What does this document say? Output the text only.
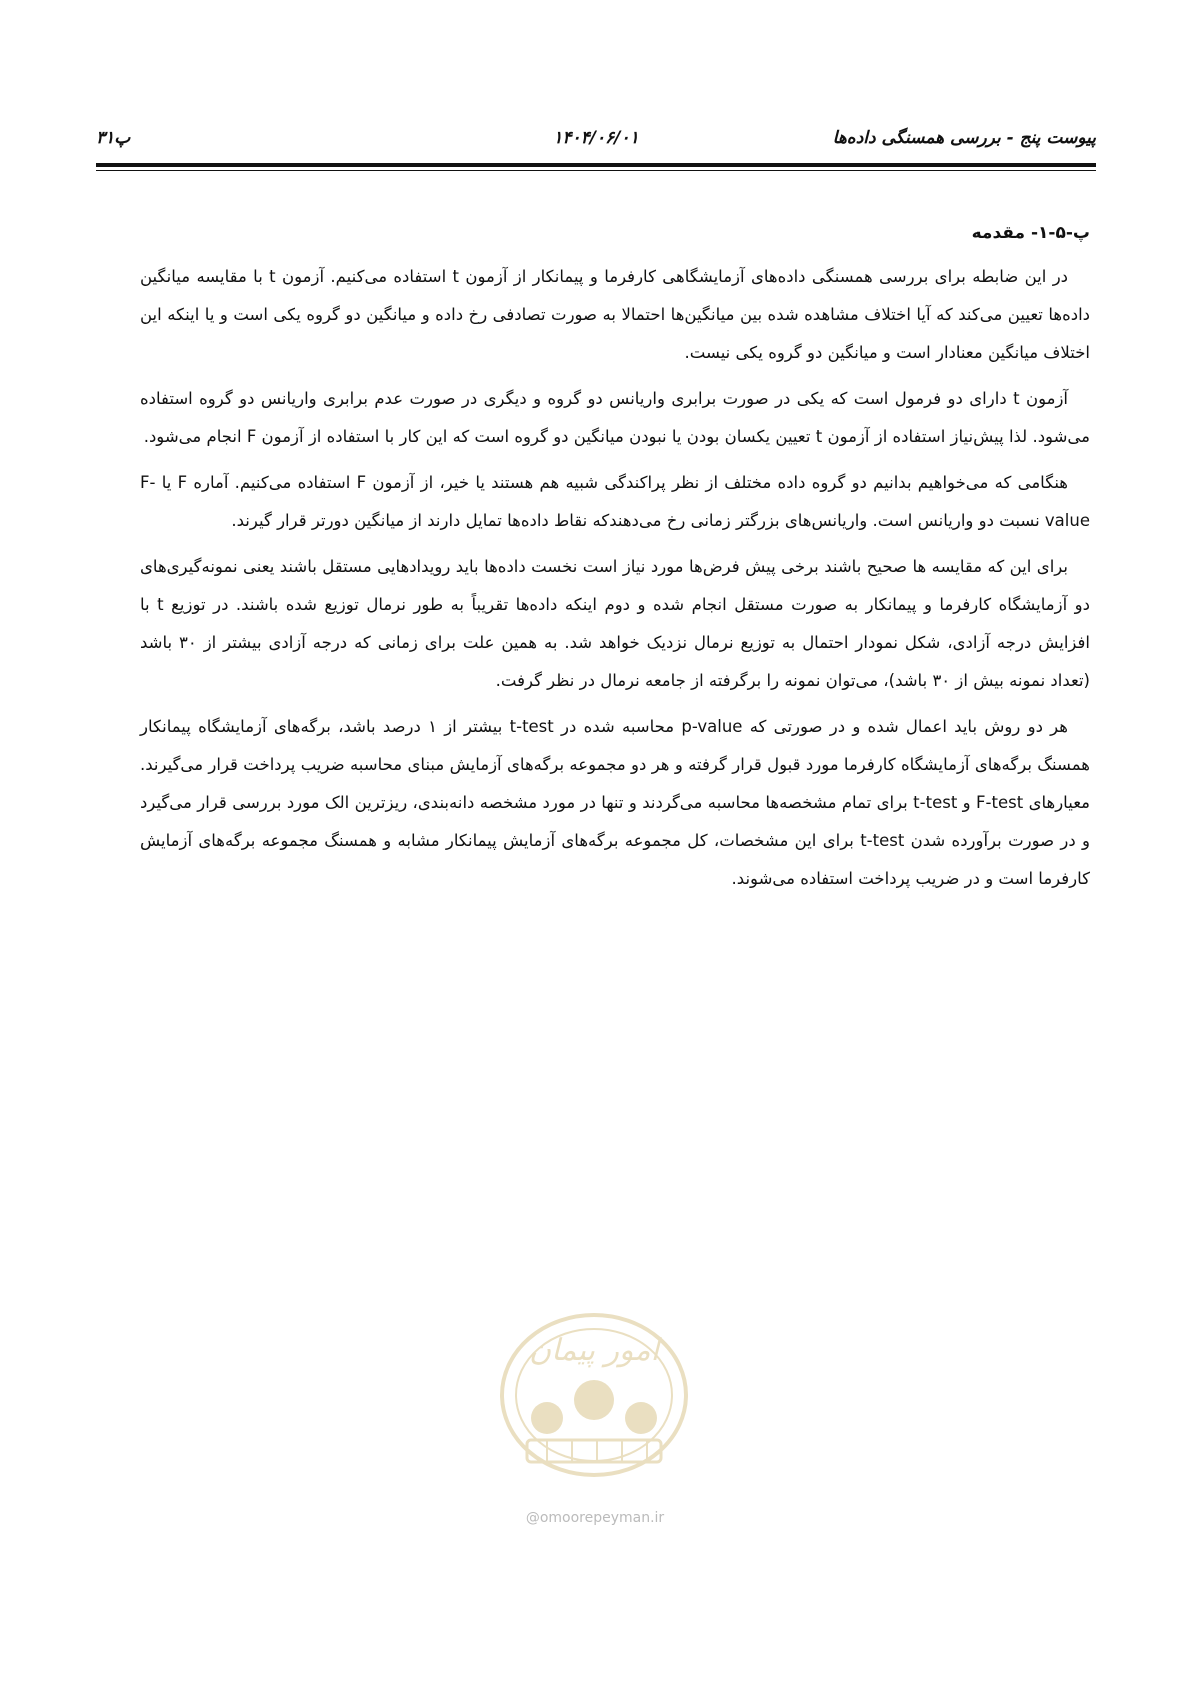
پیوست پنج - بررسی همسنگی داده‌ها
۱۴۰۴/۰۶/۰۱
پ۳۱
پ-۵-۱- مقدمه

در این ضابطه برای بررسی همسنگی داده‌های آزمایشگاهی کارفرما و پیمانکار از آزمون t استفاده می‌کنیم. آزمون t با مقایسه میانگین داده‌ها تعیین می‌کند که آیا اختلاف مشاهده شده بین میانگین‌ها احتمالا به صورت تصادفی رخ داده و میانگین دو گروه یکی است و یا اینکه این اختلاف میانگین معنادار است و میانگین دو گروه یکی نیست.

آزمون t دارای دو فرمول است که یکی در صورت برابری واریانس دو گروه و دیگری در صورت عدم برابری واریانس دو گروه استفاده می‌شود. لذا پیش‌نیاز استفاده از آزمون t تعیین یکسان بودن یا نبودن میانگین دو گروه است که این کار با استفاده از آزمون F انجام می‌شود.

هنگامی که می‌خواهیم بدانیم دو گروه داده مختلف از نظر پراکندگی شبیه هم هستند یا خیر، از آزمون F استفاده می‌کنیم. آماره F یا F-value نسبت دو واریانس است. واریانس‌های بزرگتر زمانی رخ می‌دهندکه نقاط داده‌ها تمایل دارند از میانگین دورتر قرار گیرند.

برای این که مقایسه ها صحیح باشند برخی پیش فرض‌ها مورد نیاز است نخست داده‌ها باید رویدادهایی مستقل باشند یعنی نمونه‌گیری‌های دو آزمایشگاه کارفرما و پیمانکار به صورت مستقل انجام شده و دوم اینکه داده‌ها تقریباً به طور نرمال توزیع شده باشند. در توزیع t با افزایش درجه آزادی، شکل نمودار احتمال به توزیع نرمال نزدیک خواهد شد. به همین علت برای زمانی که درجه آزادی بیشتر از ۳۰ باشد (تعداد نمونه بیش از ۳۰ باشد)، می‌توان نمونه را برگرفته از جامعه نرمال در نظر گرفت.

هر دو روش باید اعمال شده و در صورتی که p-value محاسبه شده در t-test بیشتر از ۱ درصد باشد، برگه‌های آزمایشگاه پیمانکار همسنگ برگه‌های آزمایشگاه کارفرما مورد قبول قرار گرفته و هر دو مجموعه برگه‌های آزمایش مبنای محاسبه ضریب پرداخت قرار می‌گیرند. معیارهای F-test و t-test برای تمام مشخصه‌ها محاسبه می‌گردند و تنها در مورد مشخصه دانه‌بندی، ریزترین الک مورد بررسی قرار می‌گیرد و در صورت برآورده شدن t-test برای این مشخصات، کل مجموعه برگه‌های آزمایش پیمانکار مشابه و همسنگ مجموعه برگه‌های آزمایش کارفرما است و در ضریب پرداخت استفاده می‌شوند.

امور پیمان
@omoorepeyman.ir
